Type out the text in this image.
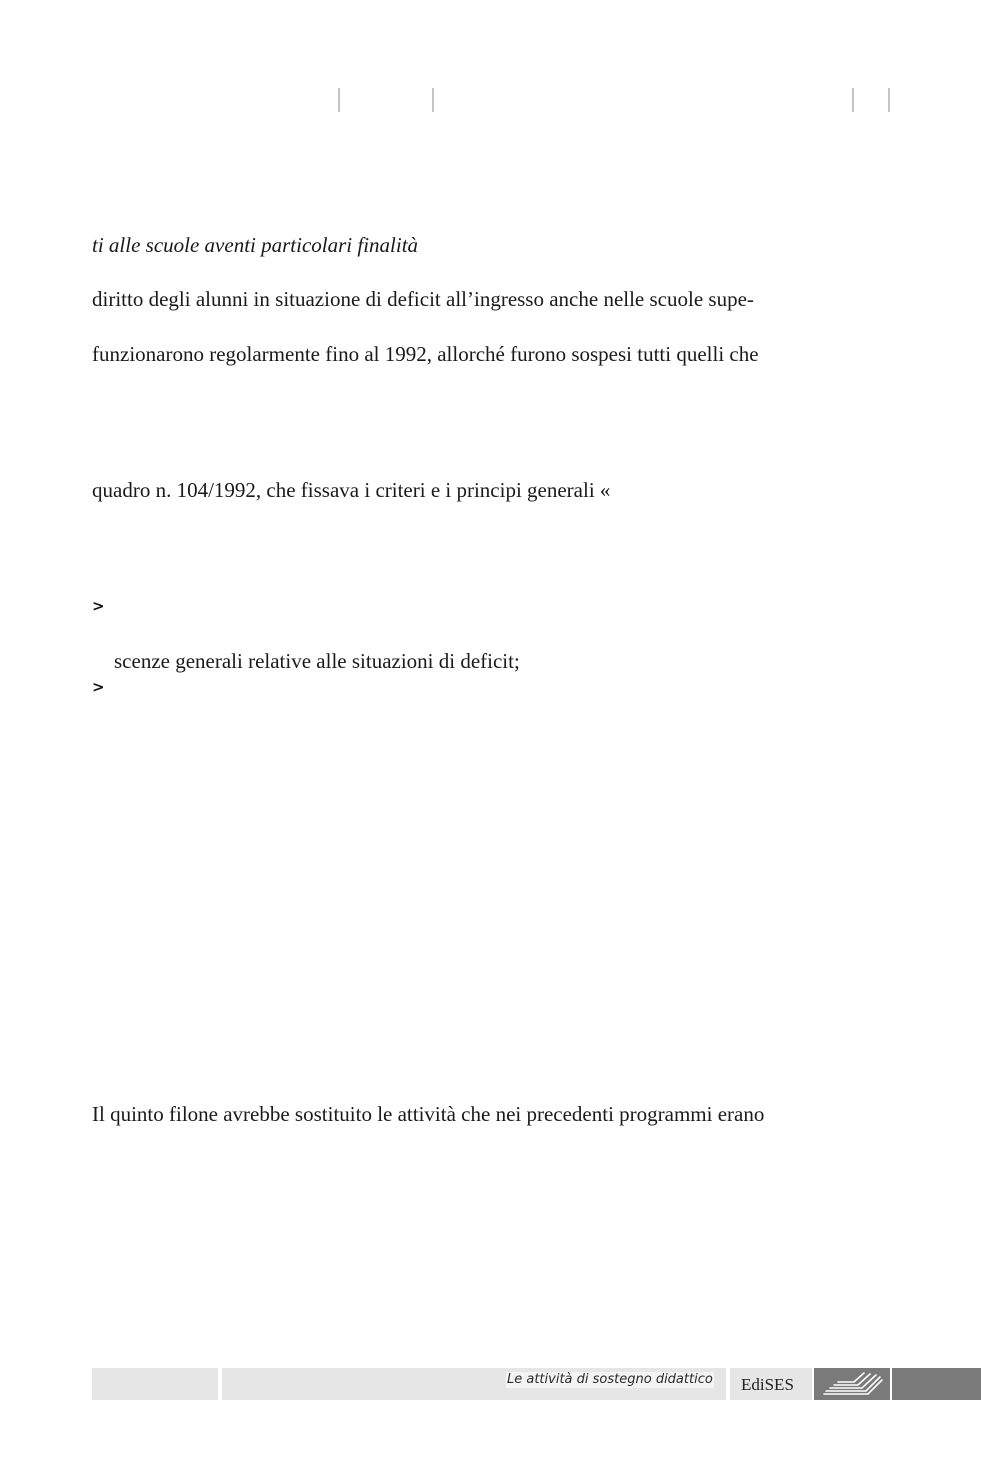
ti alle scuole aventi particolari finalità
diritto degli alunni in situazione di deficit all’ingresso anche nelle scuole supe-
funzionarono regolarmente fino al 1992, allorché furono sospesi tutti quelli che
quadro n. 104/1992, che fissava i criteri e i principi generali «
>
scenze generali relative alle situazioni di deficit;
>
Il quinto filone avrebbe sostituito le attività che nei precedenti programmi erano
Le attività di sostegno didattico EdiSES
